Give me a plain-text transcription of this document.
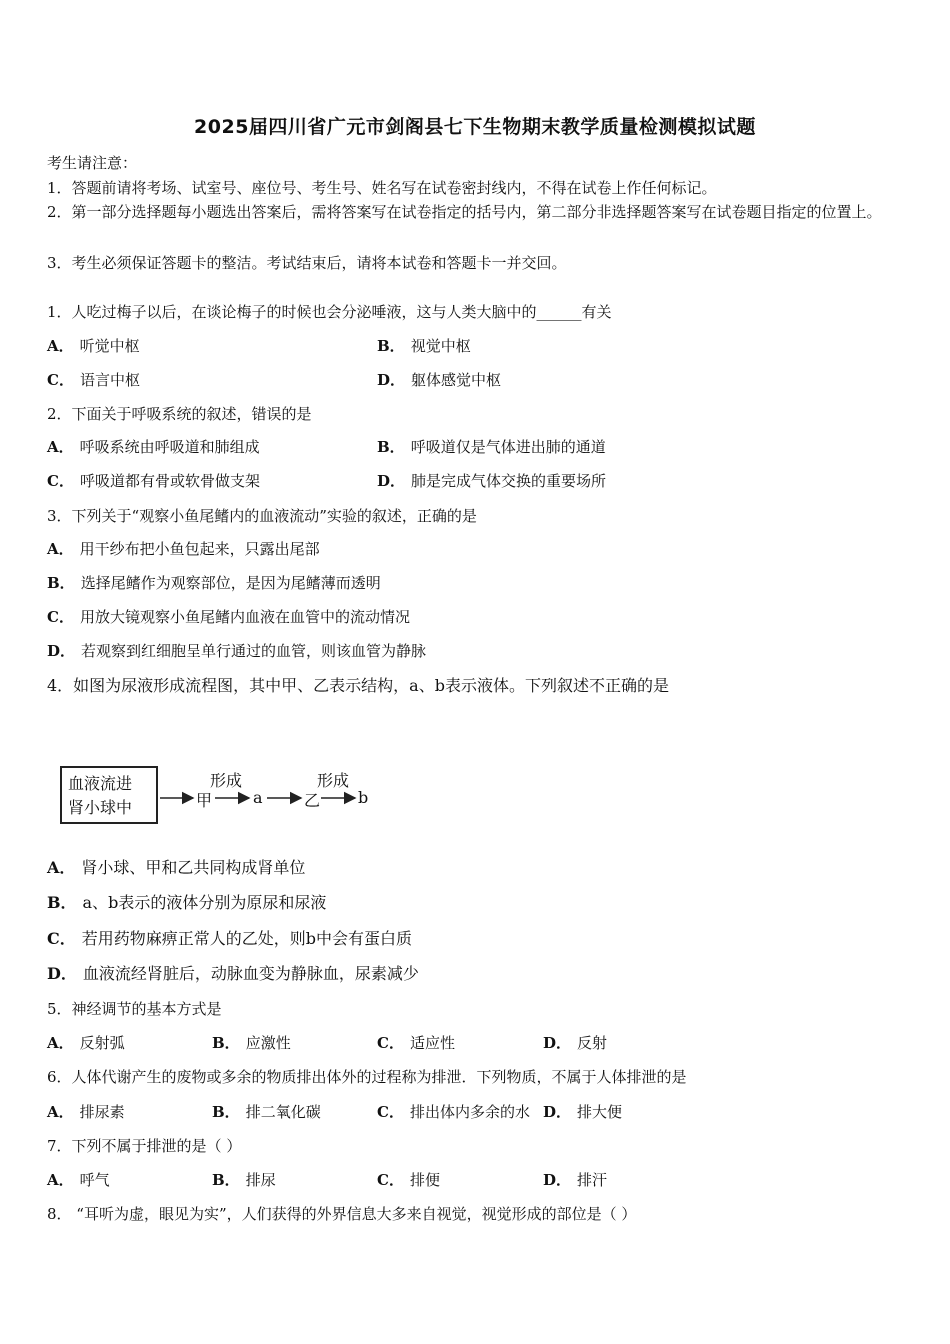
2025届四川省广元市剑阁县七下生物期末教学质量检测模拟试题
考生请注意：
1．答题前请将考场、试室号、座位号、考生号、姓名写在试卷密封线内，不得在试卷上作任何标记。
2．第一部分选择题每小题选出答案后，需将答案写在试卷指定的括号内，第二部分非选择题答案写在试卷题目指定的位置上。
3．考生必须保证答题卡的整洁。考试结束后，请将本试卷和答题卡一并交回。
1．人吃过梅子以后，在谈论梅子的时候也会分泌唾液，这与人类大脑中的______有关
A． 听觉中枢	B． 视觉中枢
C． 语言中枢	D． 躯体感觉中枢
2．下面关于呼吸系统的叙述，错误的是
A． 呼吸系统由呼吸道和肺组成	B． 呼吸道仅是气体进出肺的通道
C． 呼吸道都有骨或软骨做支架	D． 肺是完成气体交换的重要场所
3．下列关于“观察小鱼尾鳍内的血液流动”实验的叙述，正确的是
A． 用干纱布把小鱼包起来，只露出尾部
B． 选择尾鳍作为观察部位，是因为尾鳍薄而透明
C． 用放大镜观察小鱼尾鳍内血液在血管中的流动情况
D． 若观察到红细胞呈单行通过的血管，则该血管为静脉
4．如图为尿液形成流程图，其中甲、乙表示结构，a、b表示液体。下列叙述不正确的是
血液流进
肾小球中	甲
形成
a	乙
形成
b
A． 肾小球、甲和乙共同构成肾单位
B． a、b表示的液体分别为原尿和尿液
C． 若用药物麻痹正常人的乙处，则b中会有蛋白质
D． 血液流经肾脏后，动脉血变为静脉血，尿素减少
5．神经调节的基本方式是
A． 反射弧	B． 应激性	C． 适应性	D． 反射
6．人体代谢产生的废物或多余的物质排出体外的过程称为排泄．下列物质，不属于人体排泄的是
A． 排尿素	B． 排二氧化碳	C． 排出体内多余的水 D． 排大便
7．下列不属于排泄的是（ ）
A． 呼气	B． 排尿	C． 排便	D． 排汗
8． “耳听为虚，眼见为实”，人们获得的外界信息大多来自视觉，视觉形成的部位是（ ）
